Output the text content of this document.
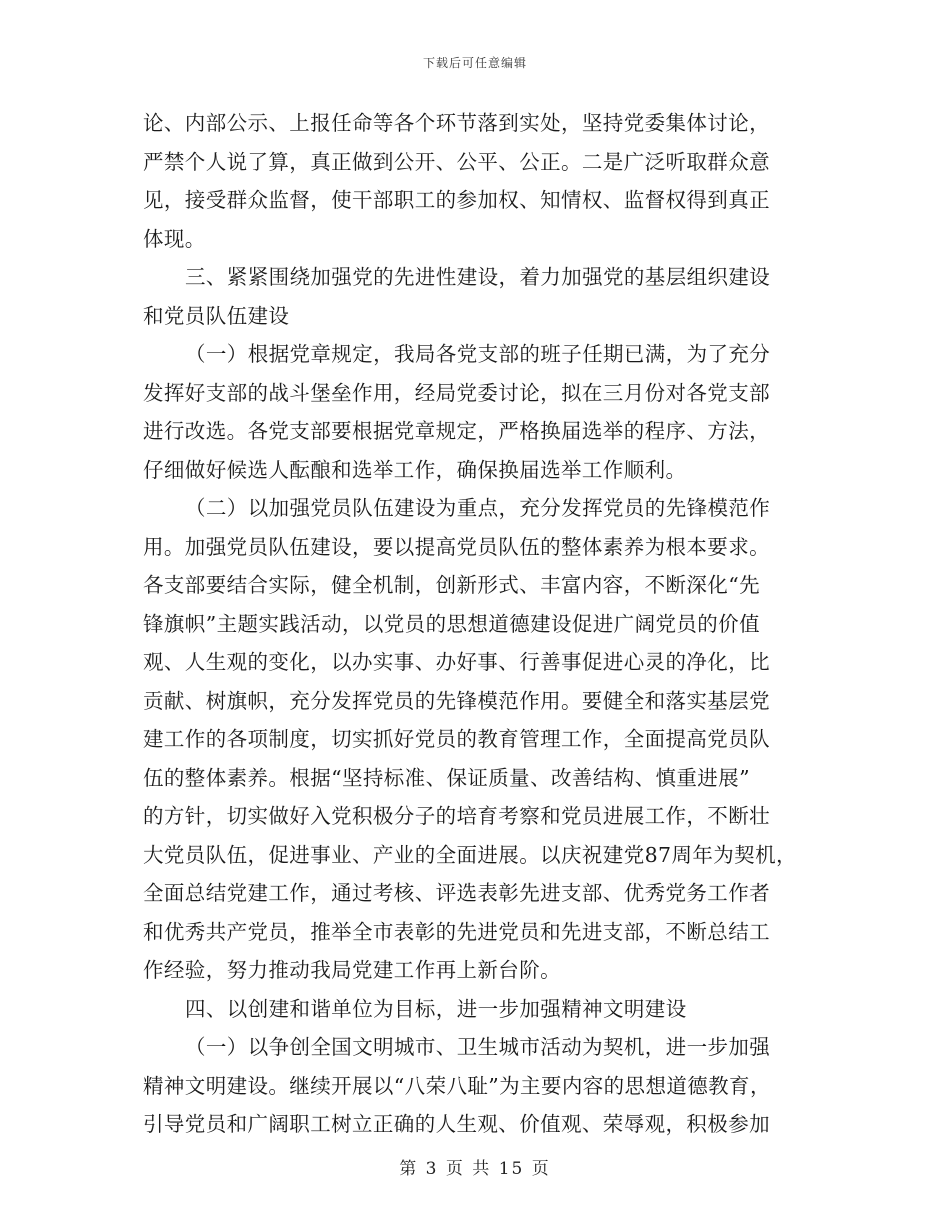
下载后可任意编辑
论、内部公示、上报任命等各个环节落到实处，坚持党委集体讨论，
严禁个人说了算，真正做到公开、公平、公正。二是广泛听取群众意
见，接受群众监督，使干部职工的参加权、知情权、监督权得到真正
体现。
三、紧紧围绕加强党的先进性建设，着力加强党的基层组织建设
和党员队伍建设
（一）根据党章规定，我局各党支部的班子任期已满，为了充分
发挥好支部的战斗堡垒作用，经局党委讨论，拟在三月份对各党支部
进行改选。各党支部要根据党章规定，严格换届选举的程序、方法，
仔细做好候选人酝酿和选举工作，确保换届选举工作顺利。
（二）以加强党员队伍建设为重点，充分发挥党员的先锋模范作
用。加强党员队伍建设，要以提高党员队伍的整体素养为根本要求。
各支部要结合实际，健全机制，创新形式、丰富内容，不断深化“先
锋旗帜”主题实践活动，以党员的思想道德建设促进广阔党员的价值
观、人生观的变化，以办实事、办好事、行善事促进心灵的净化，比
贡献、树旗帜，充分发挥党员的先锋模范作用。要健全和落实基层党
建工作的各项制度，切实抓好党员的教育管理工作，全面提高党员队
伍的整体素养。根据“坚持标准、保证质量、改善结构、慎重进展”
的方针，切实做好入党积极分子的培育考察和党员进展工作，不断壮
大党员队伍，促进事业、产业的全面进展。以庆祝建党87周年为契机，
全面总结党建工作，通过考核、评选表彰先进支部、优秀党务工作者
和优秀共产党员，推举全市表彰的先进党员和先进支部，不断总结工
作经验，努力推动我局党建工作再上新台阶。
四、以创建和谐单位为目标，进一步加强精神文明建设
（一）以争创全国文明城市、卫生城市活动为契机，进一步加强
精神文明建设。继续开展以“八荣八耻”为主要内容的思想道德教育，
引导党员和广阔职工树立正确的人生观、价值观、荣辱观，积极参加
第 3 页 共 15 页
